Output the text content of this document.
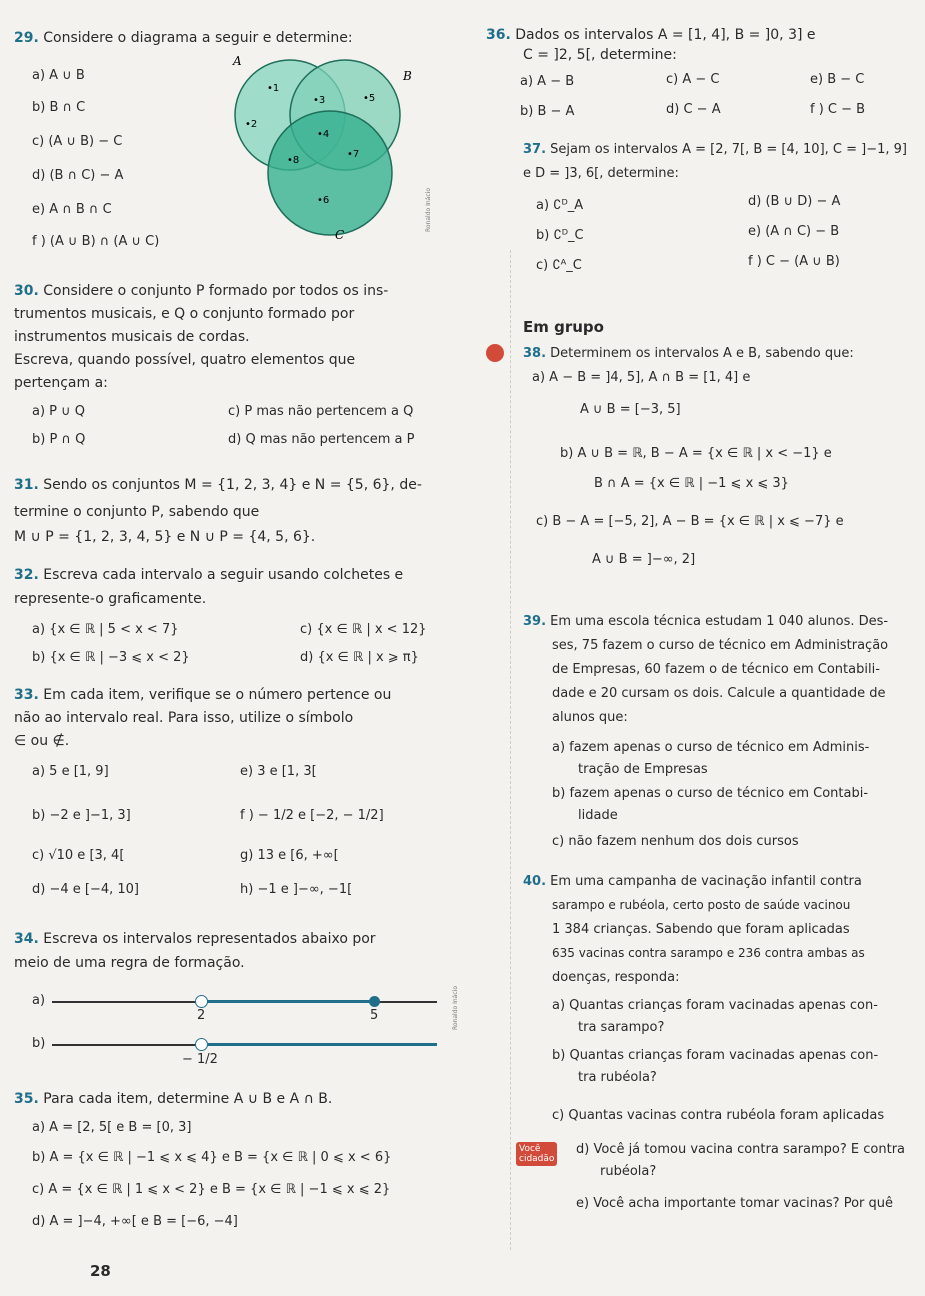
29. Considere o diagrama a seguir e determine:
a) A ∪ B
b) B ∩ C
c) (A ∪ B) − C
d) (B ∩ C) − A
e) A ∩ B ∩ C
f ) (A ∪ B) ∩ (A ∪ C)
A
B
C
•1
•3	•5
•2
•4
•8
•7
•6	Ronaldo Inácio
30. Considere o conjunto P formado por todos os ins-
trumentos musicais, e Q o conjunto formado por
instrumentos musicais de cordas.
Escreva, quando possível, quatro elementos que
pertençam a:
a) P ∪ Q	c) P mas não pertencem a Q
b) P ∩ Q	d) Q mas não pertencem a P
31. Sendo os conjuntos M = {1, 2, 3, 4} e N = {5, 6}, de-
termine o conjunto P, sabendo que
M ∪ P = {1, 2, 3, 4, 5} e N ∪ P = {4, 5, 6}.
32. Escreva cada intervalo a seguir usando colchetes e
represente-o graficamente.
a) {x ∈ ℝ | 5 < x < 7}	c) {x ∈ ℝ | x < 12}
b) {x ∈ ℝ | −3 ⩽ x < 2}	d) {x ∈ ℝ | x ⩾ π}
33. Em cada item, verifique se o número pertence ou
não ao intervalo real. Para isso, utilize o símbolo
∈ ou ∉.
a) 5 e [1, 9]	e) 3 e [1, 3[
b) −2 e ]−1, 3]	f ) − 1/2 e [−2, − 1/2]
c) √10 e [3, 4[	g) 13 e [6, +∞[
d) −4 e [−4, 10]	h) −1 e ]−∞, −1[
34. Escreva os intervalos representados abaixo por
meio de uma regra de formação.
a)
2	5
b)
− 1/2
Ronaldo Inácio
35. Para cada item, determine A ∪ B e A ∩ B.
a) A = [2, 5[ e B = [0, 3]
b) A = {x ∈ ℝ | −1 ⩽ x ⩽ 4} e B = {x ∈ ℝ | 0 ⩽ x < 6}
c) A = {x ∈ ℝ | 1 ⩽ x < 2} e B = {x ∈ ℝ | −1 ⩽ x ⩽ 2}
d) A = ]−4, +∞[ e B = [−6, −4]
28
36. Dados os intervalos A = [1, 4], B = ]0, 3] e
C = ]2, 5[, determine:
a) A − B	c) A − C	e) B − C
b) B − A	d) C − A	f ) C − B
37. Sejam os intervalos A = [2, 7[, B = [4, 10], C = ]−1, 9]
e D = ]3, 6[, determine:
a) ∁ᴰ_A	d) (B ∪ D) − A
b) ∁ᴰ_C	e) (A ∩ C) − B
c) ∁ᴬ_C	f ) C − (A ∪ B)
Em grupo
38. Determinem os intervalos A e B, sabendo que:
a) A − B = ]4, 5], A ∩ B = [1, 4] e
A ∪ B = [−3, 5]
b) A ∪ B = ℝ, B − A = {x ∈ ℝ | x < −1} e
B ∩ A = {x ∈ ℝ | −1 ⩽ x ⩽ 3}
c) B − A = [−5, 2], A − B = {x ∈ ℝ | x ⩽ −7} e
A ∪ B = ]−∞, 2]
39. Em uma escola técnica estudam 1 040 alunos. Des-
ses, 75 fazem o curso de técnico em Administração
de Empresas, 60 fazem o de técnico em Contabili-
dade e 20 cursam os dois. Calcule a quantidade de
alunos que:
a) fazem apenas o curso de técnico em Adminis-
tração de Empresas
b) fazem apenas o curso de técnico em Contabi-
lidade
c) não fazem nenhum dos dois cursos
40. Em uma campanha de vacinação infantil contra
sarampo e rubéola, certo posto de saúde vacinou
1 384 crianças. Sabendo que foram aplicadas
635 vacinas contra sarampo e 236 contra ambas as
doenças, responda:
a) Quantas crianças foram vacinadas apenas con-
tra sarampo?
b) Quantas crianças foram vacinadas apenas con-
tra rubéola?
c) Quantas vacinas contra rubéola foram aplicadas
Você
cidadão
d) Você já tomou vacina contra sarampo? E contra
rubéola?
e) Você acha importante tomar vacinas? Por quê
